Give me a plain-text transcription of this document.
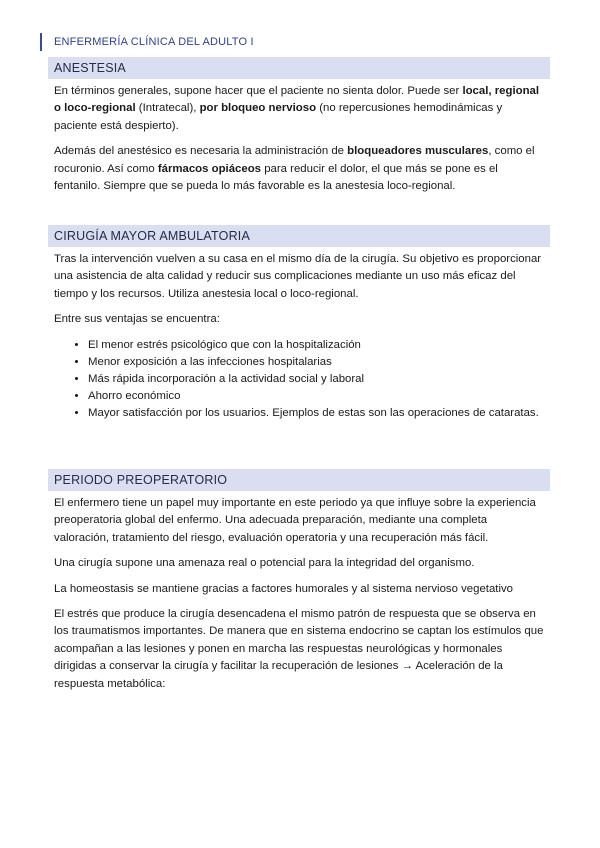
ENFERMERÍA CLÍNICA DEL ADULTO I
ANESTESIA

En términos generales, supone hacer que el paciente no sienta dolor. Puede ser local, regional o loco-regional (Intratecal), por bloqueo nervioso (no repercusiones hemodinámicas y paciente está despierto).

Además del anestésico es necesaria la administración de bloqueadores musculares, como el rocuronio. Así como fármacos opiáceos para reducir el dolor, el que más se pone es el fentanilo. Siempre que se pueda lo más favorable es la anestesia loco-regional.

CIRUGÍA MAYOR AMBULATORIA

Tras la intervención vuelven a su casa en el mismo día de la cirugía. Su objetivo es proporcionar una asistencia de alta calidad y reducir sus complicaciones mediante un uso más eficaz del tiempo y los recursos. Utiliza anestesia local o loco-regional.

Entre sus ventajas se encuentra:

• El menor estrés psicológico que con la hospitalización
• Menor exposición a las infecciones hospitalarias
• Más rápida incorporación a la actividad social y laboral
• Ahorro económico
• Mayor satisfacción por los usuarios. Ejemplos de estas son las operaciones de cataratas.
PERIODO PREOPERATORIO

El enfermero tiene un papel muy importante en este periodo ya que influye sobre la experiencia preoperatoria global del enfermo. Una adecuada preparación, mediante una completa valoración, tratamiento del riesgo, evaluación operatoria y una recuperación más fácil.

Una cirugía supone una amenaza real o potencial para la integridad del organismo.

La homeostasis se mantiene gracias a factores humorales y al sistema nervioso vegetativo

El estrés que produce la cirugía desencadena el mismo patrón de respuesta que se observa en los traumatismos importantes. De manera que en sistema endocrino se captan los estímulos que acompañan a las lesiones y ponen en marcha las respuestas neurológicas y hormonales dirigidas a conservar la cirugía y facilitar la recuperación de lesiones → Aceleración de la respuesta metabólica:
